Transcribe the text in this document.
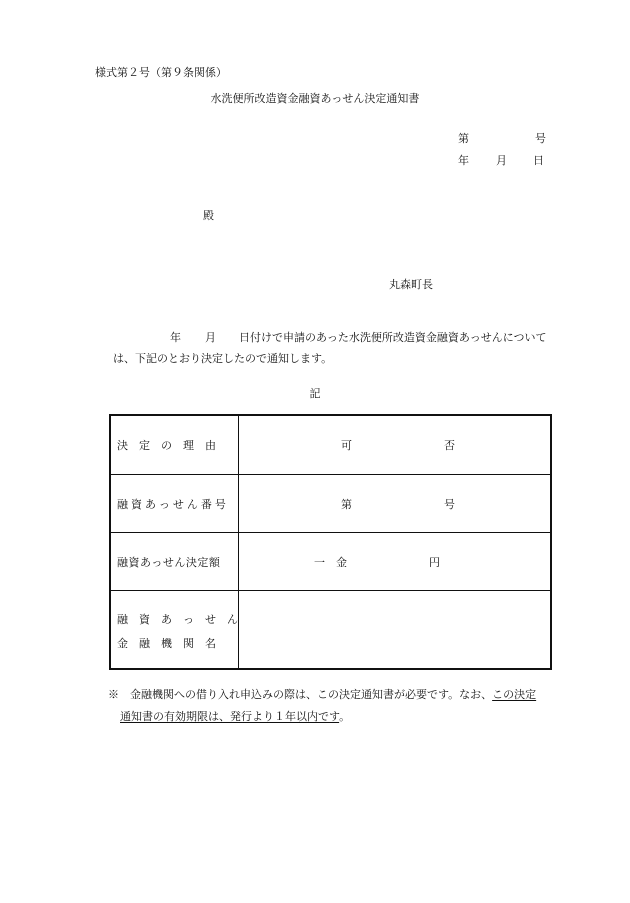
様式第２号（第９条関係）
水洗便所改造資金融資あっせん決定通知書
第	号
年 月 日
殿
丸森町長
年 月 日付けで申請のあった水洗便所改造資金融資あっせんについて
は、下記のとおり決定したので通知します。
記
決　定　の　理　由	可	否
融資あっせん番号	第	号
融資あっせん決定額	一　金	円
融　資　あ　っ　せ　ん
金　融　機　関　名
※　 金融機関への借り入れ申込みの際は、この決定通知書が必要です。なお、この決定
通知書の有効期限は、発行より１年以内です。
